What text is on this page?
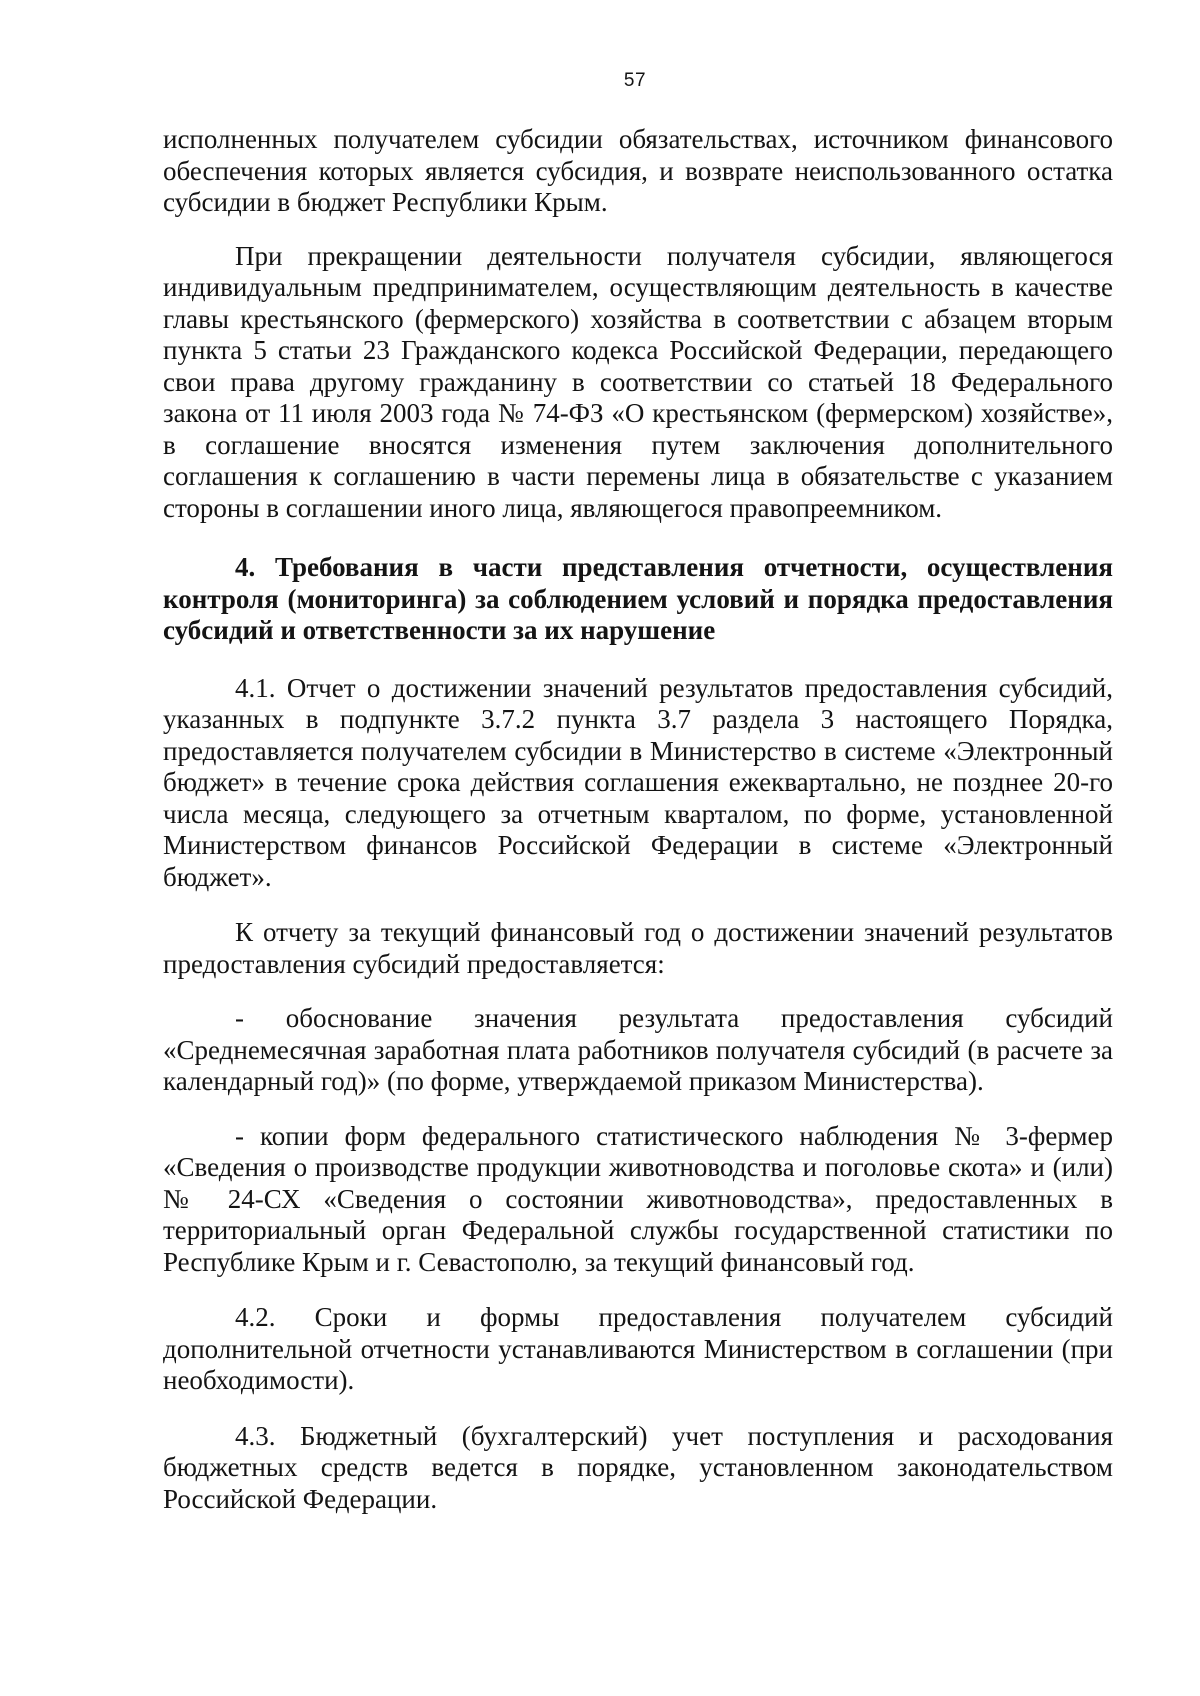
57

исполненных получателем субсидии обязательствах, источником финансового обеспечения которых является субсидия, и возврате неиспользованного остатка субсидии в бюджет Республики Крым.

При прекращении деятельности получателя субсидии, являющегося индивидуальным предпринимателем, осуществляющим деятельность в качестве главы крестьянского (фермерского) хозяйства в соответствии с абзацем вторым пункта 5 статьи 23 Гражданского кодекса Российской Федерации, передающего свои права другому гражданину в соответствии со статьей 18 Федерального закона от 11 июля 2003 года № 74-ФЗ «О крестьянском (фермерском) хозяйстве», в соглашение вносятся изменения путем заключения дополнительного соглашения к соглашению в части перемены лица в обязательстве с указанием стороны в соглашении иного лица, являющегося правопреемником.

4. Требования в части представления отчетности, осуществления контроля (мониторинга) за соблюдением условий и порядка предоставления субсидий и ответственности за их нарушение

4.1. Отчет о достижении значений результатов предоставления субсидий, указанных в подпункте 3.7.2 пункта 3.7 раздела 3 настоящего Порядка, предоставляется получателем субсидии в Министерство в системе «Электронный бюджет» в течение срока действия соглашения ежеквартально, не позднее 20-го числа месяца, следующего за отчетным кварталом, по форме, установленной Министерством финансов Российской Федерации в системе «Электронный бюджет».

К отчету за текущий финансовый год о достижении значений результатов предоставления субсидий предоставляется:

- обоснование значения результата предоставления субсидий «Среднемесячная заработная плата работников получателя субсидий (в расчете за календарный год)» (по форме, утверждаемой приказом Министерства).

- копии форм федерального статистического наблюдения № 3-фермер «Сведения о производстве продукции животноводства и поголовье скота» и (или) № 24-СХ «Сведения о состоянии животноводства», предоставленных в территориальный орган Федеральной службы государственной статистики по Республике Крым и г. Севастополю, за текущий финансовый год.

4.2. Сроки и формы предоставления получателем субсидий дополнительной отчетности устанавливаются Министерством в соглашении (при необходимости).

4.3. Бюджетный (бухгалтерский) учет поступления и расходования бюджетных средств ведется в порядке, установленном законодательством Российской Федерации.
